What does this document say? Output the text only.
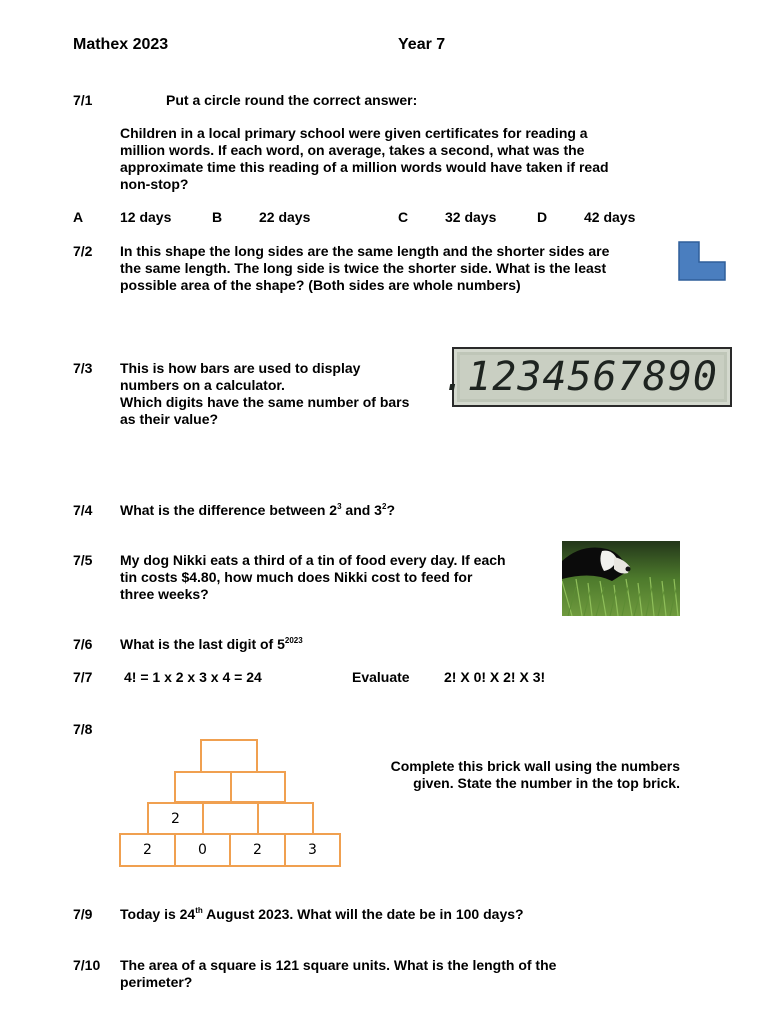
Mathex 2023	Year 7
7/1	Put a circle round the correct answer:
Children in a local primary school were given certificates for reading a
million words. If each word, on average, takes a second, what was the
approximate time this reading of a million words would have taken if read
non-stop?
A	12 days	B	22 days	C	32 days	D	42 days
7/2 In this shape the long sides are the same length and the shorter sides are
the same length. The long side is twice the shorter side. What is the least
possible area of the shape? (Both sides are whole numbers)
7/3 This is how bars are used to display
numbers on a calculator.
Which digits have the same number of bars
as their value?
.1234567890
7/4 What is the difference between $2^3$ and $3^2$?
7/5 My dog Nikki eats a third of a tin of food every day. If each
tin costs $4.80, how much does Nikki cost to feed for
three weeks?
7/6 What is the last digit of $5^{2023}$
7/7 4! = 1 x 2 x 3 x 4 = 24	Evaluate 2! X 0! X 2! X 3!
7/8
Complete this brick wall using the numbers
given. State the number in the top brick.
2
2	0	2	3
7/9 Today is 24th August 2023. What will the date be in 100 days?
7/10 The area of a square is 121 square units. What is the length of the
perimeter?
